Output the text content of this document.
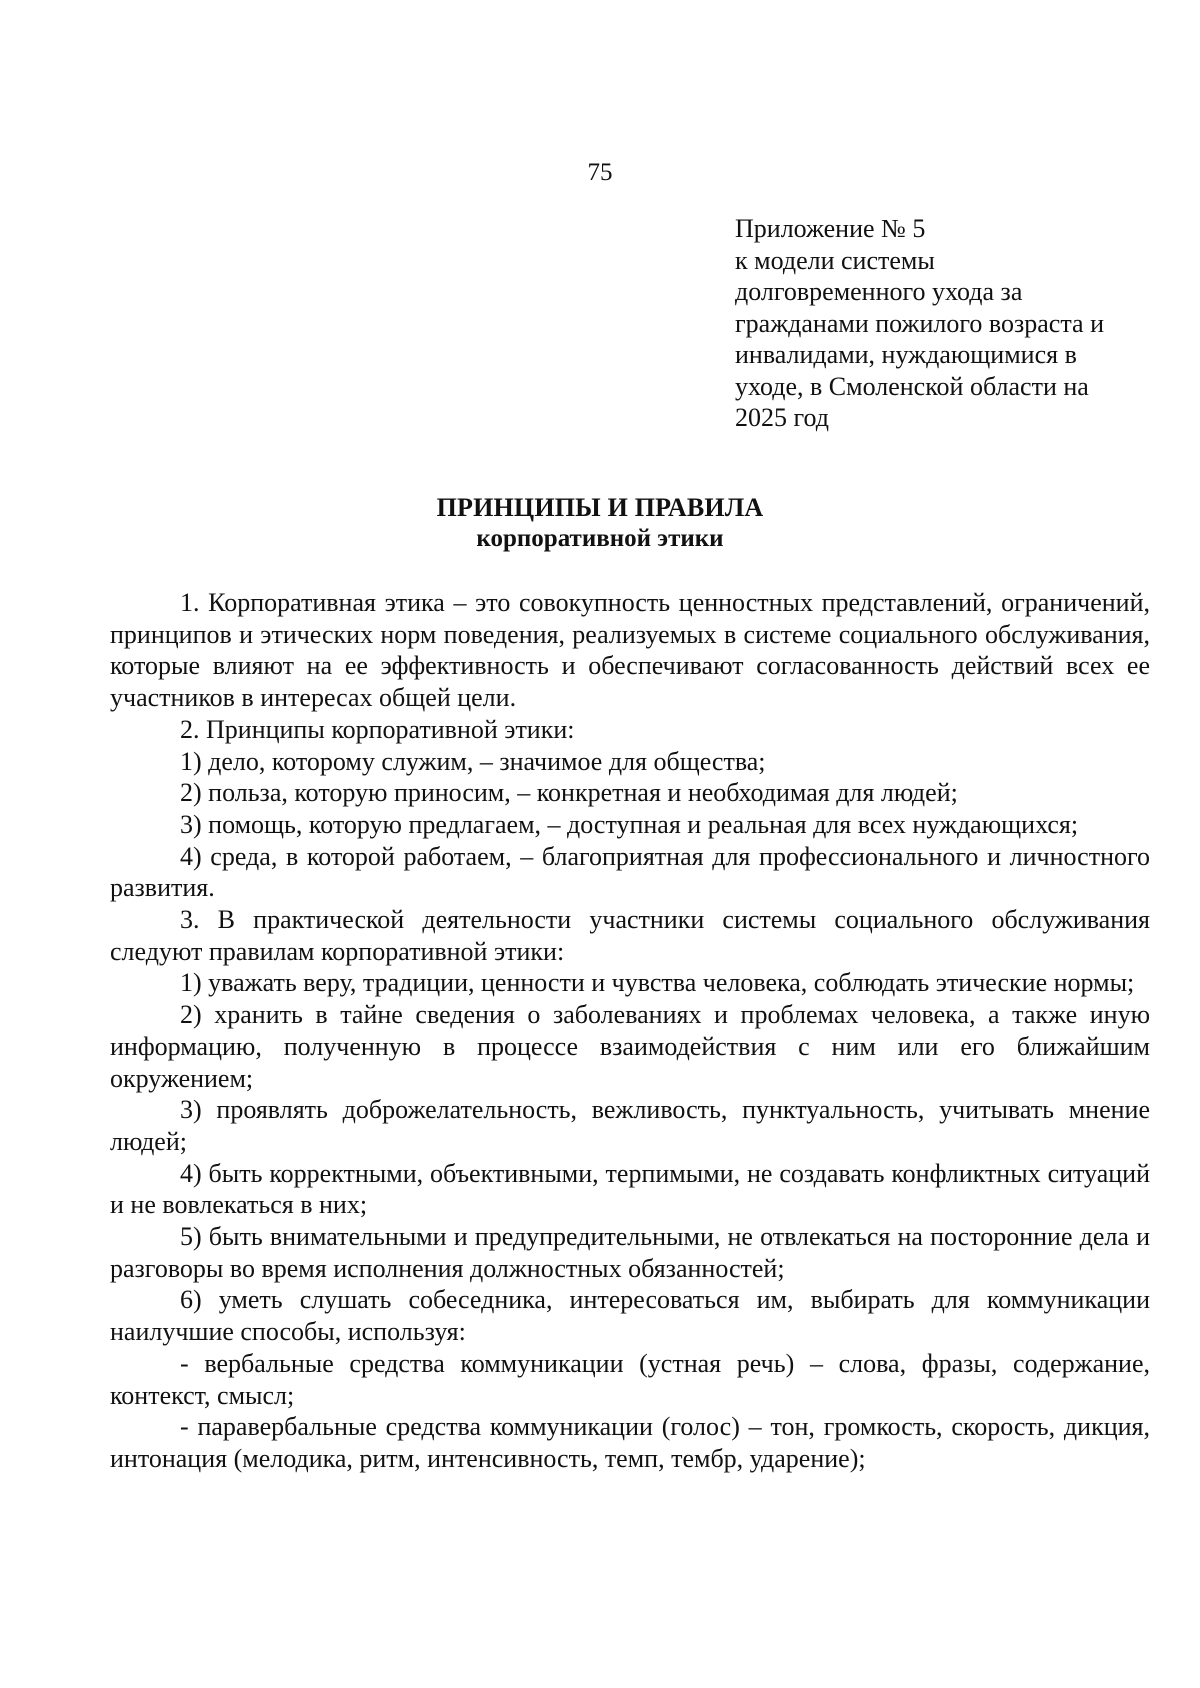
75
Приложение № 5
к модели системы
долговременного ухода за
гражданами пожилого возраста и
инвалидами, нуждающимися в
уходе, в Смоленской области на
2025 год
ПРИНЦИПЫ И ПРАВИЛА
корпоративной этики

1. Корпоративная этика – это совокупность ценностных представлений, ограничений, принципов и этических норм поведения, реализуемых в системе социального обслуживания, которые влияют на ее эффективность и обеспечивают согласованность действий всех ее участников в интересах общей цели.

2. Принципы корпоративной этики:

1) дело, которому служим, – значимое для общества;

2) польза, которую приносим, – конкретная и необходимая для людей;

3) помощь, которую предлагаем, – доступная и реальная для всех нуждающихся;

4) среда, в которой работаем, – благоприятная для профессионального и личностного развития.

3. В практической деятельности участники системы социального обслуживания следуют правилам корпоративной этики:

1) уважать веру, традиции, ценности и чувства человека, соблюдать этические нормы;

2) хранить в тайне сведения о заболеваниях и проблемах человека, а также иную информацию, полученную в процессе взаимодействия с ним или его ближайшим окружением;

3) проявлять доброжелательность, вежливость, пунктуальность, учитывать мнение людей;

4) быть корректными, объективными, терпимыми, не создавать конфликтных ситуаций и не вовлекаться в них;

5) быть внимательными и предупредительными, не отвлекаться на посторонние дела и разговоры во время исполнения должностных обязанностей;

6) уметь слушать собеседника, интересоваться им, выбирать для коммуникации наилучшие способы, используя:

- вербальные средства коммуникации (устная речь) – слова, фразы, содержание, контекст, смысл;

- паравербальные средства коммуникации (голос) – тон, громкость, скорость, дикция, интонация (мелодика, ритм, интенсивность, темп, тембр, ударение);
